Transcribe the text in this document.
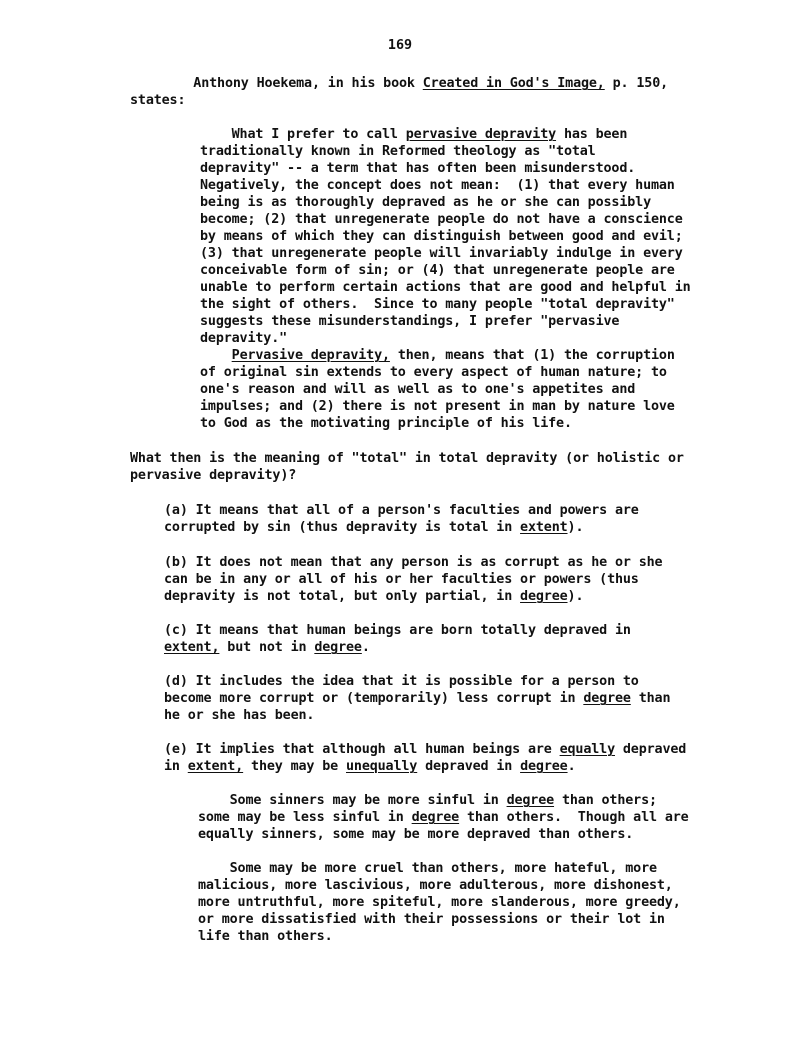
169
Anthony Hoekema, in his book Created in God's Image, p. 150,
states:
What I prefer to call pervasive depravity has been
traditionally known in Reformed theology as "total
depravity" -- a term that has often been misunderstood.
Negatively, the concept does not mean:  (1) that every human
being is as thoroughly depraved as he or she can possibly
become; (2) that unregenerate people do not have a conscience
by means of which they can distinguish between good and evil;
(3) that unregenerate people will invariably indulge in every
conceivable form of sin; or (4) that unregenerate people are
unable to perform certain actions that are good and helpful in
the sight of others.  Since to many people "total depravity"
suggests these misunderstandings, I prefer "pervasive
depravity."
Pervasive depravity, then, means that (1) the corruption
of original sin extends to every aspect of human nature; to
one's reason and will as well as to one's appetites and
impulses; and (2) there is not present in man by nature love
to God as the motivating principle of his life.
What then is the meaning of "total" in total depravity (or holistic or
pervasive depravity)?
(a) It means that all of a person's faculties and powers are
corrupted by sin (thus depravity is total in extent).
(b) It does not mean that any person is as corrupt as he or she
can be in any or all of his or her faculties or powers (thus
depravity is not total, but only partial, in degree).
(c) It means that human beings are born totally depraved in
extent, but not in degree.
(d) It includes the idea that it is possible for a person to
become more corrupt or (temporarily) less corrupt in degree than
he or she has been.
(e) It implies that although all human beings are equally depraved
in extent, they may be unequally depraved in degree.
Some sinners may be more sinful in degree than others;
some may be less sinful in degree than others.  Though all are
equally sinners, some may be more depraved than others.
Some may be more cruel than others, more hateful, more
malicious, more lascivious, more adulterous, more dishonest,
more untruthful, more spiteful, more slanderous, more greedy,
or more dissatisfied with their possessions or their lot in
life than others.
